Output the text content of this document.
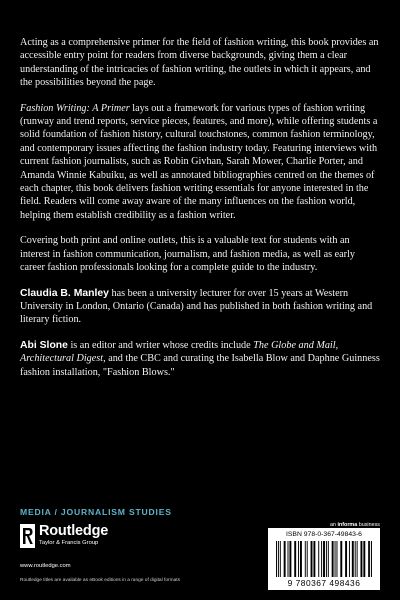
Acting as a comprehensive primer for the field of fashion writing, this book provides an accessible entry point for readers from diverse backgrounds, giving them a clear understanding of the intricacies of fashion writing, the outlets in which it appears, and the possibilities beyond the page.

Fashion Writing: A Primer lays out a framework for various types of fashion writing (runway and trend reports, service pieces, features, and more), while offering students a solid foundation of fashion history, cultural touchstones, common fashion terminology, and contemporary issues affecting the fashion industry today. Featuring interviews with current fashion journalists, such as Robin Givhan, Sarah Mower, Charlie Porter, and Amanda Winnie Kabuiku, as well as annotated bibliographies centred on the themes of each chapter, this book delivers fashion writing essentials for anyone interested in the field. Readers will come away aware of the many influences on the fashion world, helping them establish credibility as a fashion writer.

Covering both print and online outlets, this is a valuable text for students with an interest in fashion communication, journalism, and fashion media, as well as early career fashion professionals looking for a complete guide to the industry.

Claudia B. Manley has been a university lecturer for over 15 years at Western University in London, Ontario (Canada) and has published in both fashion writing and literary fiction.

Abi Slone is an editor and writer whose credits include The Globe and Mail, Architectural Digest, and the CBC and curating the Isabella Blow and Daphne Guinness fashion installation, "Fashion Blows."

MEDIA / JOURNALISM STUDIES
Routledge
Taylor & Francis Group
www.routledge.com
Routledge titles are available as eBook editions in a range of digital formats
an informa business
ISBN 978-0-367-49843-6
9 780367 498436
